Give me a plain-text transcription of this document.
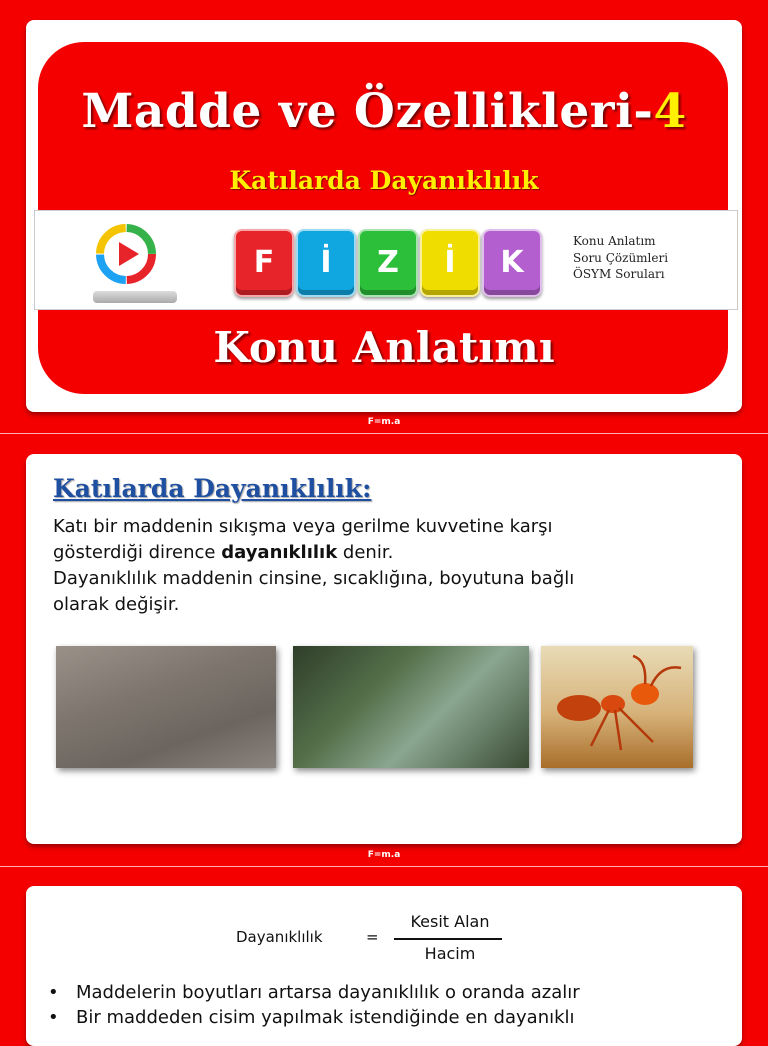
Madde ve Özellikleri-4
Katılarda Dayanıklılık
F	İ	Z	İ	K
Konu Anlatım
Soru Çözümleri
ÖSYM Soruları
Konu Anlatımı
F=m.a
Katılarda Dayanıklılık:

Katı bir maddenin sıkışma veya gerilme kuvvetine karşı
gösterdiği dirence dayanıklılık denir.
Dayanıklılık maddenin cinsine, sıcaklığına, boyutuna bağlı
olarak değişir.

F=m.a
Dayanıklılık	=
Kesit Alan
Hacim
• Maddelerin boyutları artarsa dayanıklılık o oranda azalır
• Bir maddeden cisim yapılmak istendiğinde en dayanıklı
